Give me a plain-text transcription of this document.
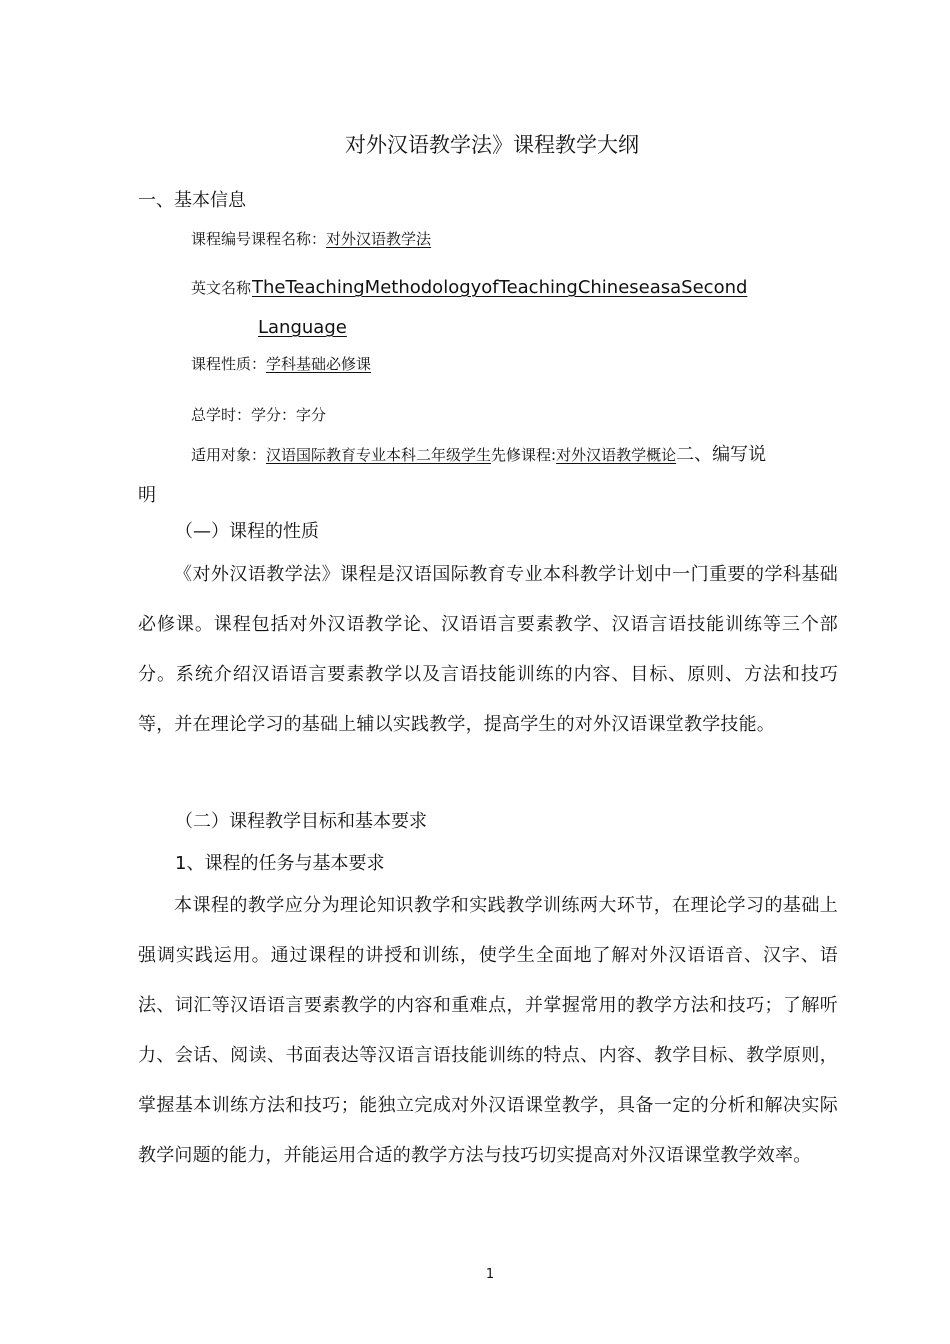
对外汉语教学法》课程教学大纲
一、基本信息
课程编号课程名称：对外汉语教学法
英文名称TheTeachingMethodologyofTeachingChineseasaSecond
Language
课程性质：学科基础必修课
总学时：学分：字分
适用对象：汉语国际教育专业本科二年级学生先修课程:对外汉语教学概论二、编写说
明
（—）课程的性质
《对外汉语教学法》课程是汉语国际教育专业本科教学计划中一门重要的学科基础必修课。课程包括对外汉语教学论、汉语语言要素教学、汉语言语技能训练等三个部分。系统介绍汉语语言要素教学以及言语技能训练的内容、目标、原则、方法和技巧等，并在理论学习的基础上辅以实践教学，提高学生的对外汉语课堂教学技能。
（二）课程教学目标和基本要求
1、课程的任务与基本要求
本课程的教学应分为理论知识教学和实践教学训练两大环节，在理论学习的基础上强调实践运用。通过课程的讲授和训练，使学生全面地了解对外汉语语音、汉字、语法、词汇等汉语语言要素教学的内容和重难点，并掌握常用的教学方法和技巧；了解听力、会话、阅读、书面表达等汉语言语技能训练的特点、内容、教学目标、教学原则，掌握基本训练方法和技巧；能独立完成对外汉语课堂教学，具备一定的分析和解决实际教学问题的能力，并能运用合适的教学方法与技巧切实提高对外汉语课堂教学效率。
1
